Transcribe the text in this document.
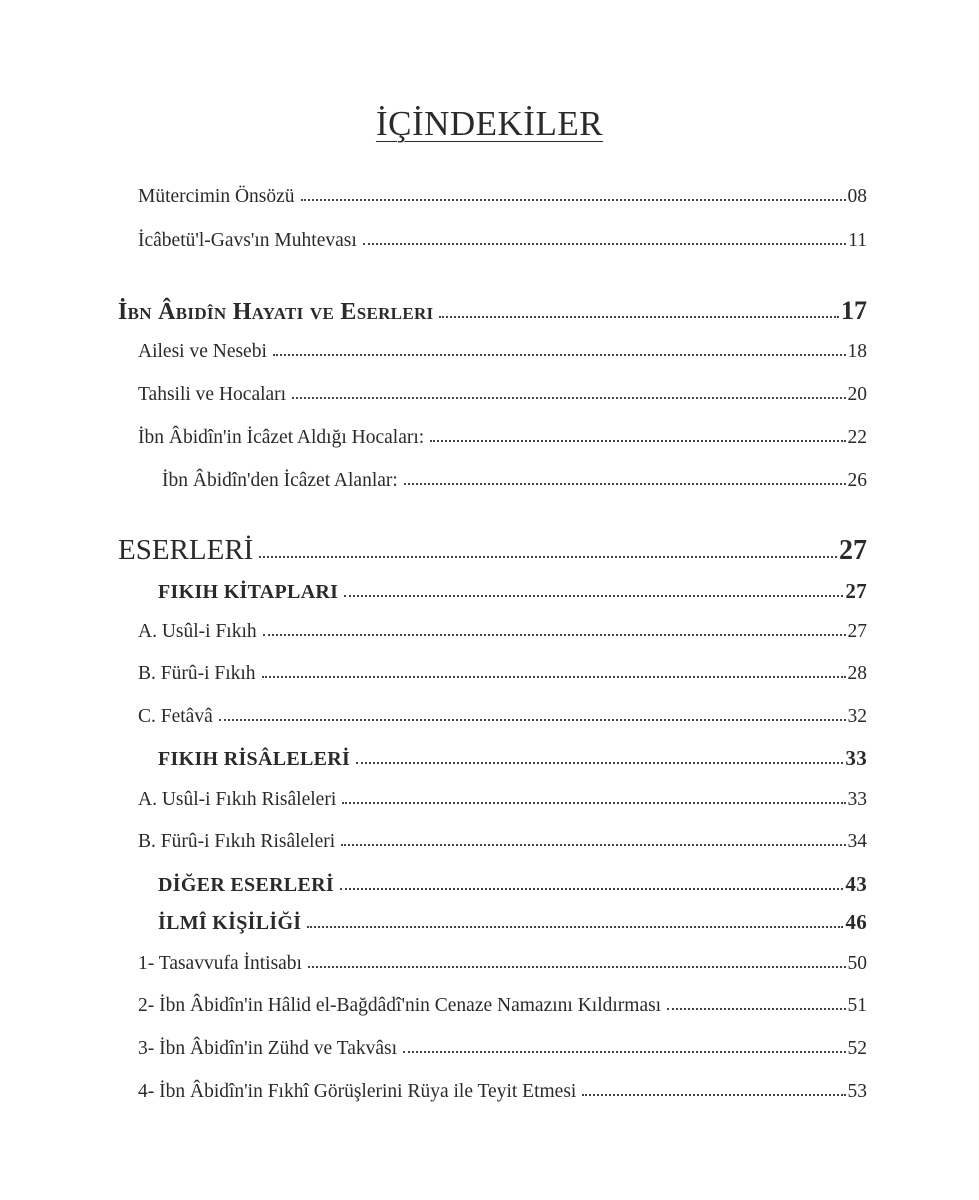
İÇİNDEKİLER
Mütercimin Önsözü	08
İcâbetü'l-Gavs'ın Muhtevası	11
İbn Âbidîn Hayatı ve Eserleri	17
Ailesi ve Nesebi	18
Tahsili ve Hocaları	20
İbn Âbidîn'in İcâzet Aldığı Hocaları:	22
İbn Âbidîn'den İcâzet Alanlar:	26
ESERLERİ	27
FIKIH KİTAPLARI	27
A. Usûl-i Fıkıh	27
B. Fürû-i Fıkıh	28
C. Fetâvâ	32
FIKIH RİSÂLELERİ	33
A. Usûl-i Fıkıh Risâleleri	33
B. Fürû-i Fıkıh Risâleleri	34
DİĞER ESERLERİ	43
İLMÎ KİŞİLİĞİ	46
1- Tasavvufa İntisabı	50
2- İbn Âbidîn'in Hâlid el-Bağdâdî'nin Cenaze Namazını Kıldırması	51
3- İbn Âbidîn'in Zühd ve Takvâsı	52
4- İbn Âbidîn'in Fıkhî Görüşlerini Rüya ile Teyit Etmesi	53
